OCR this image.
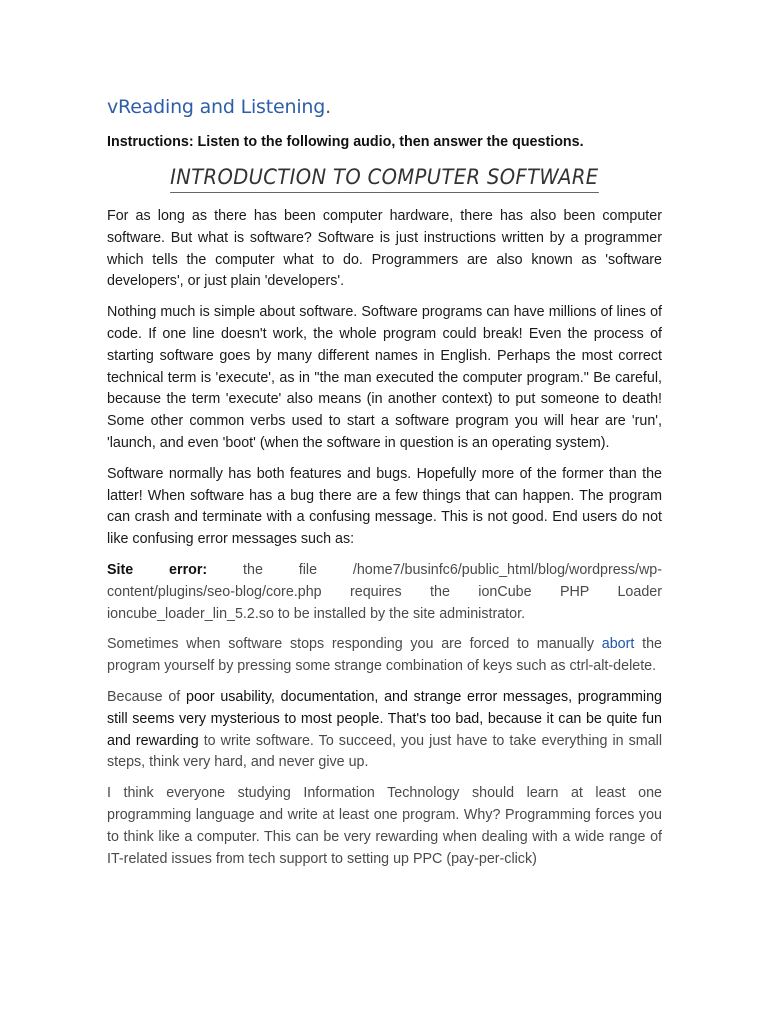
vReading and Listening.
Instructions: Listen to the following audio, then answer the questions.
INTRODUCTION TO COMPUTER SOFTWARE

For as long as there has been computer hardware, there has also been computer software. But what is software? Software is just instructions written by a programmer which tells the computer what to do. Programmers are also known as 'software developers', or just plain 'developers'.

Nothing much is simple about software. Software programs can have millions of lines of code. If one line doesn't work, the whole program could break! Even the process of starting software goes by many different names in English. Perhaps the most correct technical term is 'execute', as in "the man executed the computer program." Be careful, because the term 'execute' also means (in another context) to put someone to death! Some other common verbs used to start a software program you will hear are 'run', 'launch, and even 'boot' (when the software in question is an operating system).

Software normally has both features and bugs. Hopefully more of the former than the latter! When software has a bug there are a few things that can happen. The program can crash and terminate with a confusing message. This is not good. End users do not like confusing error messages such as:

Site error: the file /home7/businfc6/public_html/blog/wordpress/wp-content/plugins/seo-blog/core.php requires the ionCube PHP Loader ioncube_loader_lin_5.2.so to be installed by the site administrator.

Sometimes when software stops responding you are forced to manually abort the program yourself by pressing some strange combination of keys such as ctrl-alt-delete.

Because of poor usability, documentation, and strange error messages, programming still seems very mysterious to most people. That's too bad, because it can be quite fun and rewarding to write software. To succeed, you just have to take everything in small steps, think very hard, and never give up.

I think everyone studying Information Technology should learn at least one programming language and write at least one program. Why? Programming forces you to think like a computer. This can be very rewarding when dealing with a wide range of IT-related issues from tech support to setting up PPC (pay-per-click)
